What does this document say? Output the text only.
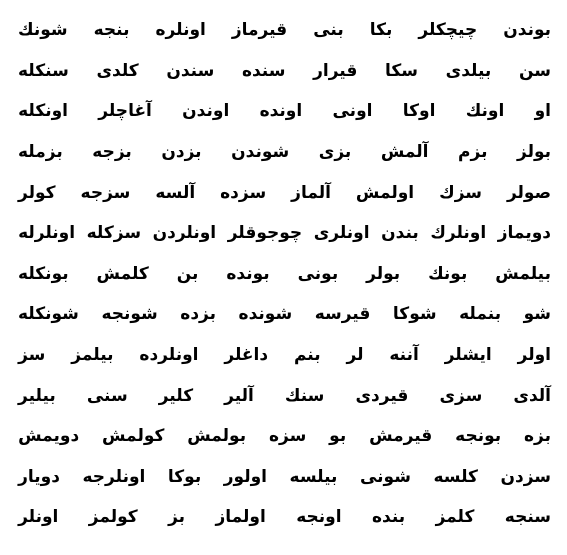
بوندن
چیچکلر
بکا
بنی
قیرماز
اونلره
بنجه
شونك
سن
بیلدی
سکا
قیرار
سنده
سندن
کلدی
سنکله
او
اونك
اوکا
اونی
اونده
اوندن
آغاچلر
اونکله
بولز
بزم
آلمش
بزی
شوندن
بزدن
بزجه
بزمله
صولر
سزك
اولمش
آلماز
سزده
آلسه
سزجه
کولر
دویماز
اونلرك
بندن
اونلری
چوجوقلر
اونلردن
سزکله
اونلرله
بیلمش
بونك
بولر
بونی
بونده
بن
کلمش
بونکله
شو
بنمله
شوکا
قیرسه
شونده
بزده
شونجه
شونکله
اولر
ایشلر
آننه
لر
بنم
داغلر
اونلرده
بیلمز
سز
آلدی
سزی
قیردی
سنك
آلیر
کلیر
سنی
بیلیر
بزه
بونجه
قیرمش
بو
سزه
بولمش
کولمش
دویمش
سزدن
کلسه
شونی
بیلسه
اولور
بوکا
اونلرجه
دویار
سنجه
کلمز
بنده
اونجه
اولماز
بز
کولمز
اونلر
